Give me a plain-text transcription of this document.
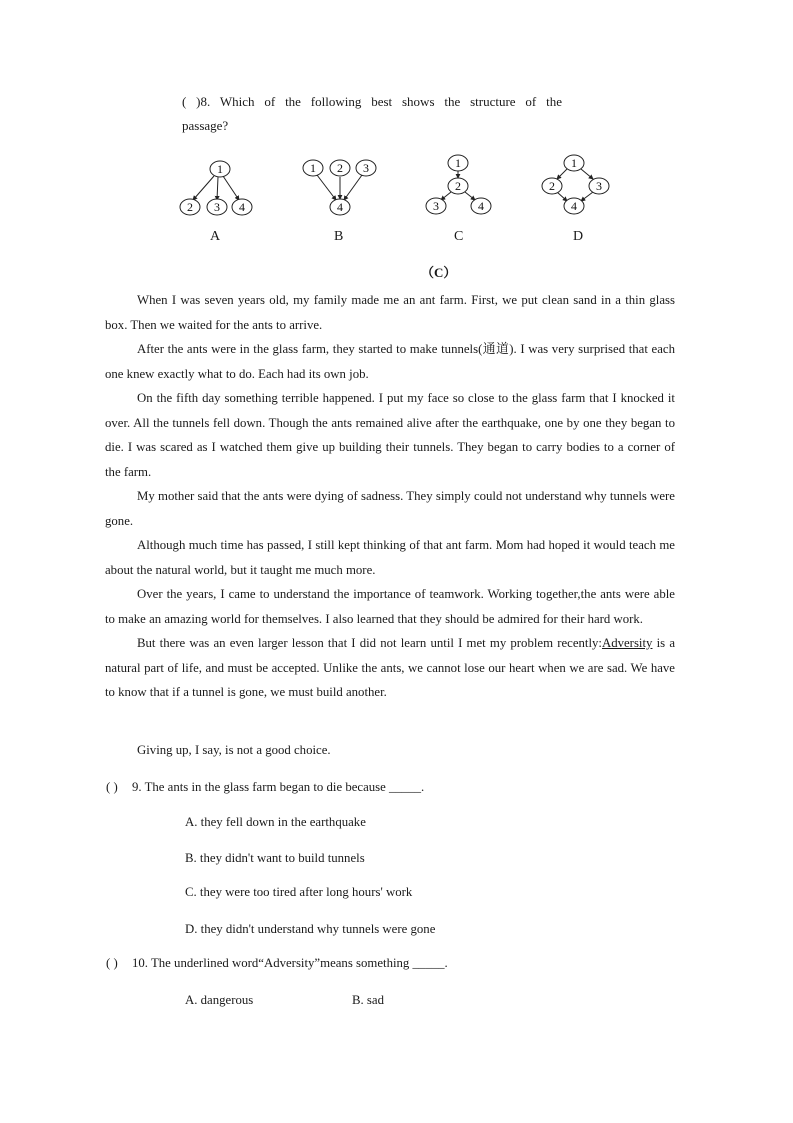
( )8. Which of the following best shows the structure of the
passage?
1
2 3 4
A
1 2 3
4
B
1
2
3	4
C
1
2	3
4
D
（C）

When I was seven years old, my family made me an ant farm. First, we put clean sand in a thin glass box. Then we waited for the ants to arrive.

After the ants were in the glass farm, they started to make tunnels(通道). I was very surprised that each one knew exactly what to do. Each had its own job.

On the fifth day something terrible happened. I put my face so close to the glass farm that I knocked it over. All the tunnels fell down. Though the ants remained alive after the earthquake, one by one they began to die. I was scared as I watched them give up building their tunnels. They began to carry bodies to a corner of the farm.

My mother said that the ants were dying of sadness. They simply could not understand why tunnels were gone.

Although much time has passed, I still kept thinking of that ant farm. Mom had hoped it would teach me about the natural world, but it taught me much more.

Over the years, I came to understand the importance of teamwork. Working together,the ants were able to make an amazing world for themselves. I also learned that they should be admired for their hard work.

But there was an even larger lesson that I did not learn until I met my problem recently:Adversity is a natural part of life, and must be accepted. Unlike the ants, we cannot lose our heart when we are sad. We have to know that if a tunnel is gone, we must build another.

Giving up, I say, is not a good choice.
( ) 9. The ants in the glass farm began to die because _____.
A. they fell down in the earthquake
B. they didn't want to build tunnels
C. they were too tired after long hours' work
D. they didn't understand why tunnels were gone
( ) 10. The underlined word“Adversity”means something _____.
A. dangerous	B. sad
